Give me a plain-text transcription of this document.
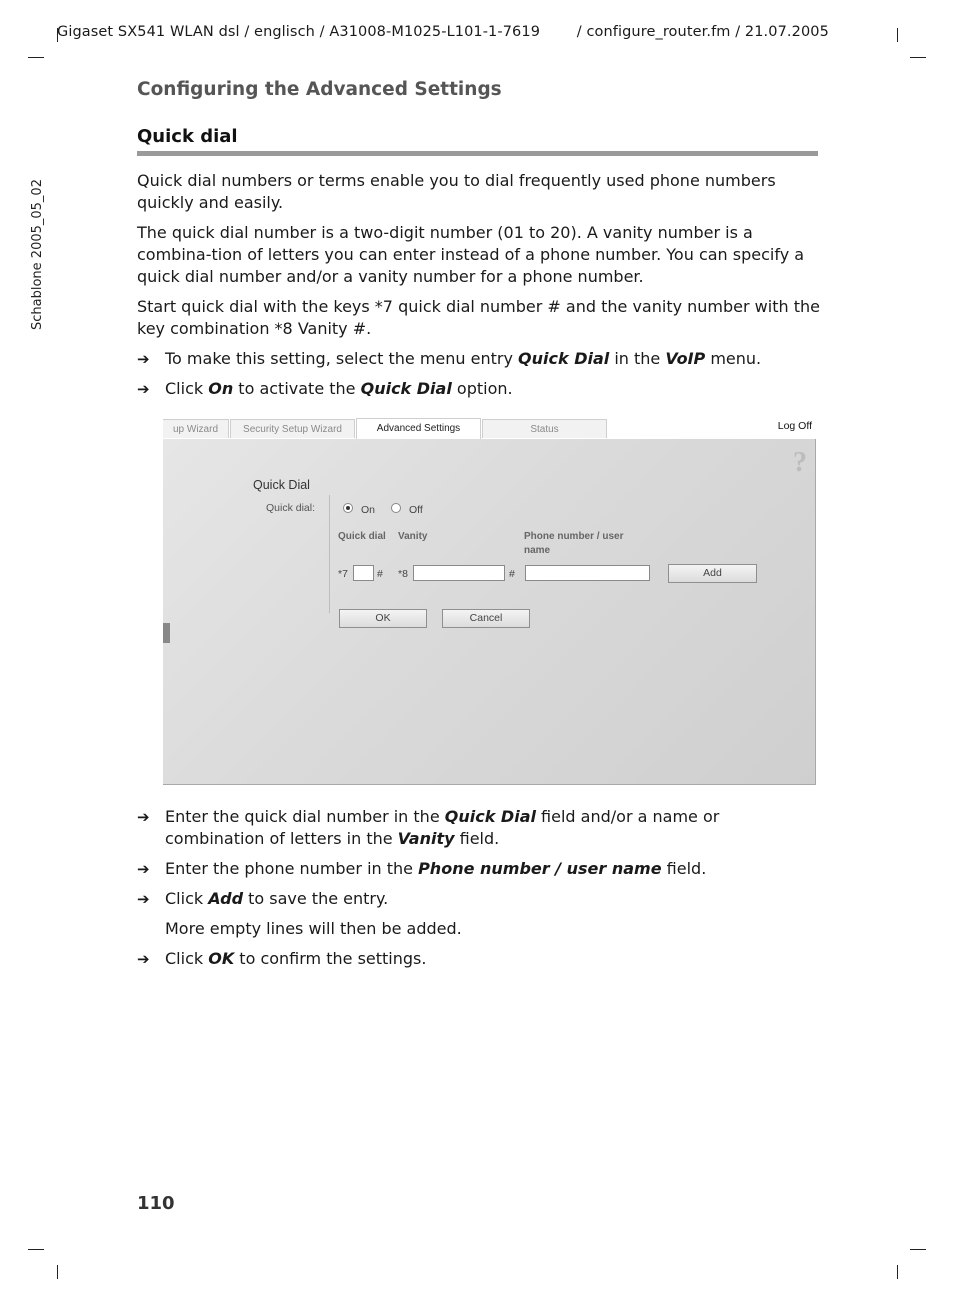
Gigaset SX541 WLAN dsl / englisch / A31008-M1025-L101-1-7619	/ configure_router.fm / 21.07.2005
Schablone 2005_05_02
Configuring the Advanced Settings
Quick dial
Quick dial numbers or terms enable you to dial frequently used phone numbers quickly and easily.
The quick dial number is a two-digit number (01 to 20). A vanity number is a combina-tion of letters you can enter instead of a phone number. You can specify a quick dial number and/or a vanity number for a phone number.
Start quick dial with the keys *7 quick dial number # and the vanity number with the key combination *8 Vanity #.
➔ To make this setting, select the menu entry Quick Dial in the VoIP menu.
➔ Click On to activate the Quick Dial option.
up Wizard	Security Setup Wizard	Advanced Settings	Status	Log Off
?
Quick Dial
Quick dial:	On	Off
Quick dial Vanity	Phone number / user name
*7	# *8	#	Add
OK	Cancel
➔ Enter the quick dial number in the Quick Dial field and/or a name or combination of letters in the Vanity field.
➔ Enter the phone number in the Phone number / user name field.
➔ Click Add to save the entry.
More empty lines will then be added.
➔ Click OK to confirm the settings.
110
